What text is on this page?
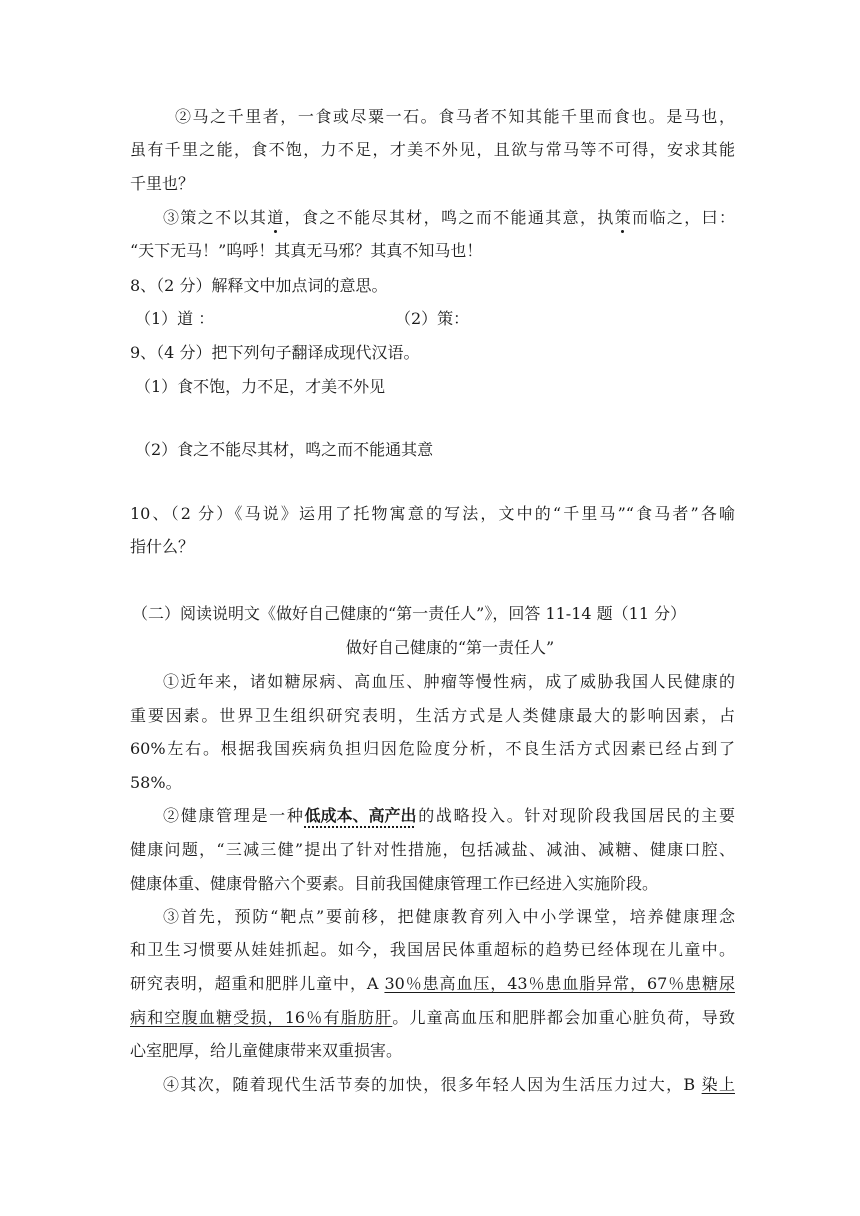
②马之千里者，一食或尽粟一石。食马者不知其能千里而食也。是马也，
虽有千里之能，食不饱，力不足，才美不外见，且欲与常马等不可得，安求其能
千里也？
③策之不以其道，食之不能尽其材，鸣之而不能通其意，执策而临之，曰：
“天下无马！”呜呼！其真无马邪？其真不知马也！
8、（2 分）解释文中加点词的意思。
（1）道 ：	（2）策：
9、（4 分）把下列句子翻译成现代汉语。
（1）食不饱，力不足，才美不外见
（2）食之不能尽其材，鸣之而不能通其意
10、（2 分）《马说》运用了托物寓意的写法，文中的“千里马”“食马者”各喻
指什么？
（二）阅读说明文《做好自己健康的“第一责任人”》，回答 11-14 题（11 分）
做好自己健康的“第一责任人”
①近年来，诸如糖尿病、高血压、肿瘤等慢性病，成了威胁我国人民健康的
重要因素。世界卫生组织研究表明，生活方式是人类健康最大的影响因素，占
60%左右。根据我国疾病负担归因危险度分析，不良生活方式因素已经占到了
58%。
②健康管理是一种低成本、高产出的战略投入。针对现阶段我国居民的主要
健康问题，“三减三健”提出了针对性措施，包括减盐、减油、减糖、健康口腔、
健康体重、健康骨骼六个要素。目前我国健康管理工作已经进入实施阶段。
③首先，预防“靶点”要前移，把健康教育列入中小学课堂，培养健康理念
和卫生习惯要从娃娃抓起。如今，我国居民体重超标的趋势已经体现在儿童中。
研究表明，超重和肥胖儿童中，A 30％患高血压，43％患血脂异常，67％患糖尿
病和空腹血糖受损，16％有脂肪肝。儿童高血压和肥胖都会加重心脏负荷，导致
心室肥厚，给儿童健康带来双重损害。
④其次，随着现代生活节奏的加快，很多年轻人因为生活压力过大，B 染上
